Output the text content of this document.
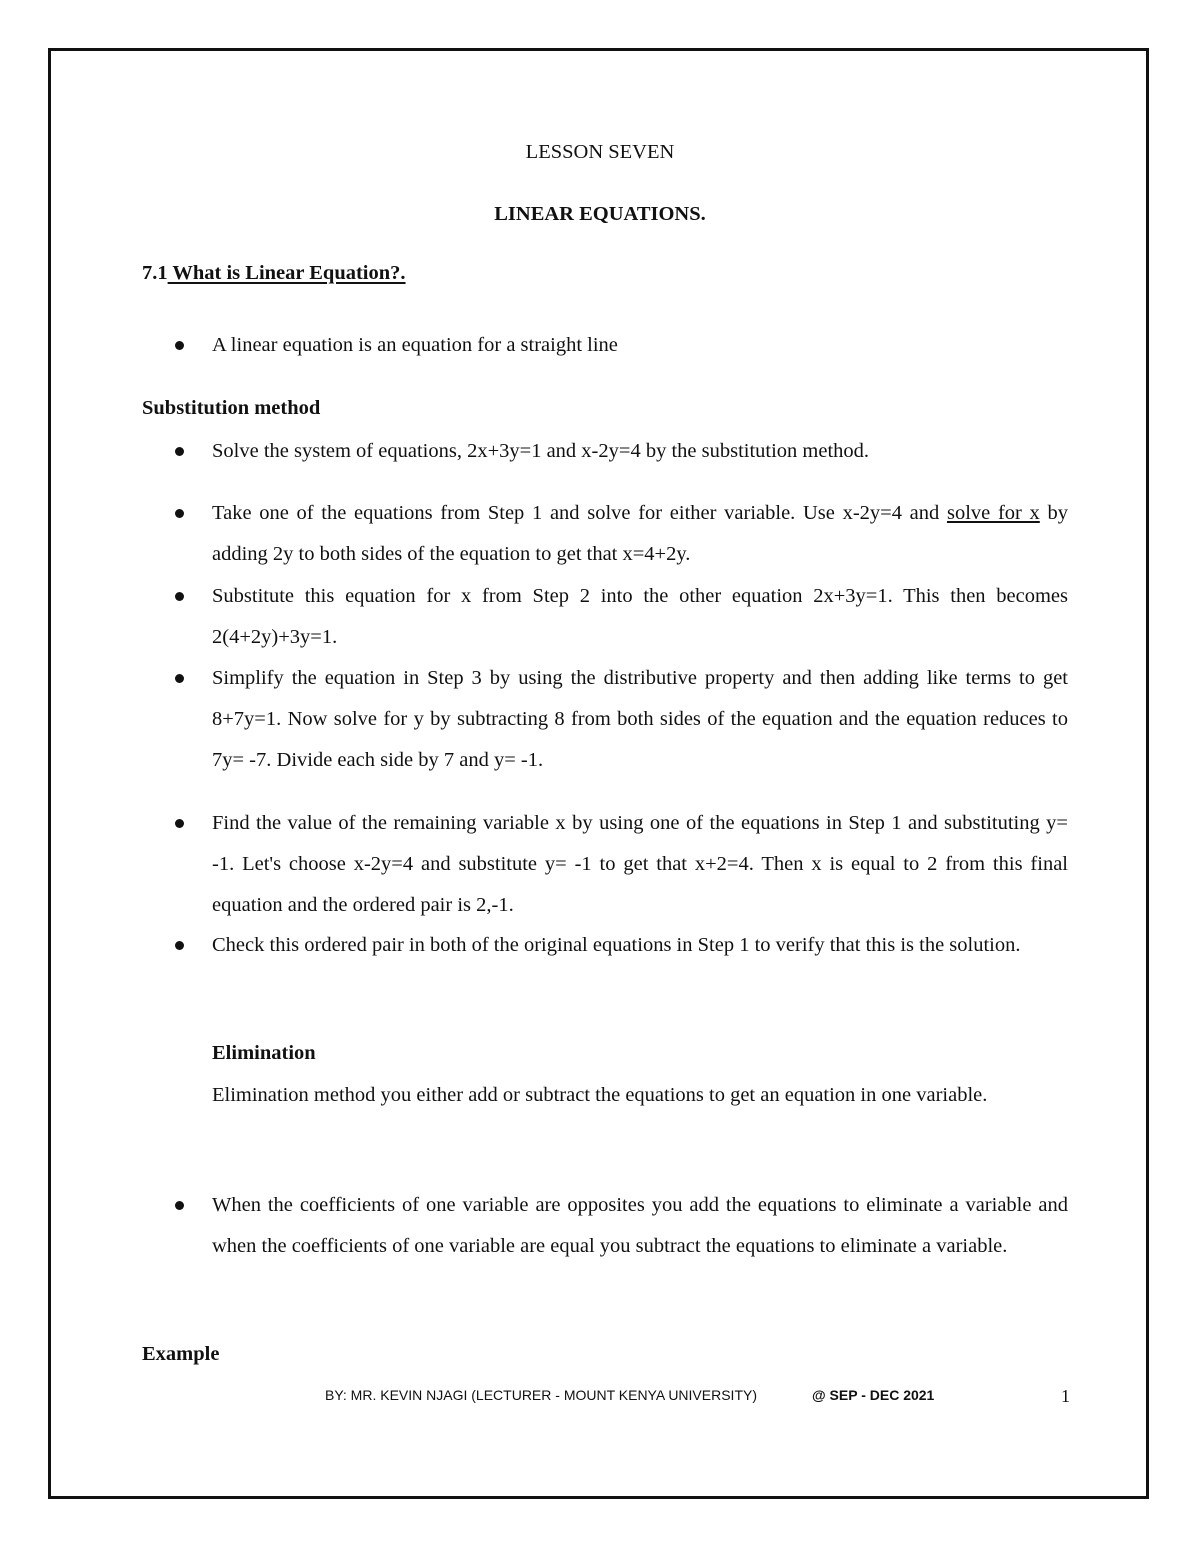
LESSON SEVEN
LINEAR EQUATIONS.
7.1 What is Linear Equation?.
A linear equation is an equation for a straight line
Substitution method
Solve the system of equations, 2x+3y=1 and x-2y=4 by the substitution method.
Take one of the equations from Step 1 and solve for either variable. Use x-2y=4 and solve for x by adding 2y to both sides of the equation to get that x=4+2y.
Substitute this equation for x from Step 2 into the other equation 2x+3y=1. This then becomes 2(4+2y)+3y=1.
Simplify the equation in Step 3 by using the distributive property and then adding like terms to get 8+7y=1. Now solve for y by subtracting 8 from both sides of the equation and the equation reduces to 7y= -7. Divide each side by 7 and y= -1.
Find the value of the remaining variable x by using one of the equations in Step 1 and substituting y= -1. Let's choose x-2y=4 and substitute y= -1 to get that x+2=4. Then x is equal to 2 from this final equation and the ordered pair is 2,-1.
Check this ordered pair in both of the original equations in Step 1 to verify that this is the solution.
Elimination
Elimination method you either add or subtract the equations to get an equation in one variable.
When the coefficients of one variable are opposites you add the equations to eliminate a variable and when the coefficients of one variable are equal you subtract the equations to eliminate a variable.
Example
BY: MR. KEVIN NJAGI (LECTURER - MOUNT KENYA UNIVERSITY)	@ SEP - DEC 2021	1
